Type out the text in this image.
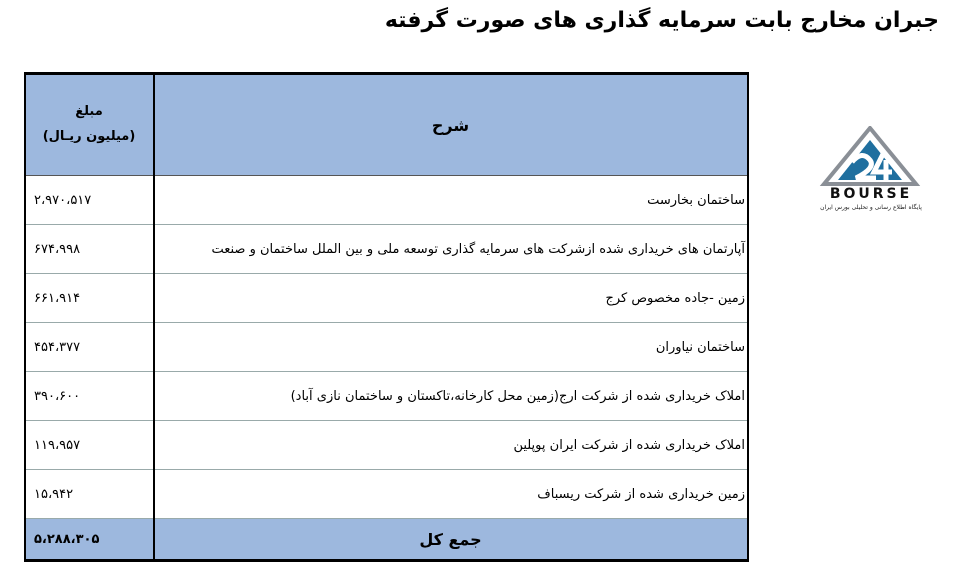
جبران مخارج بابت سرمایه گذاری های صورت گرفته
مبلغ
(میلیون ریـال)	شرح
۲،۹۷۰،۵۱۷	ساختمان بخارست
۶۷۴،۹۹۸	آپارتمان های خریداری شده ازشرکت های سرمایه گذاری توسعه ملی و بین الملل ساختمان و صنعت
۶۶۱،۹۱۴	زمین -جاده مخصوص کرج
۴۵۴،۳۷۷	ساختمان نیاوران
۳۹۰،۶۰۰	املاک خریداری شده از شرکت ارج(زمین محل کارخانه،تاکستان و ساختمان نازی آباد)
۱۱۹،۹۵۷	املاک خریداری شده از شرکت ایران پوپلین
۱۵،۹۴۲	زمین خریداری شده از شرکت ریسباف
۵،۲۸۸،۳۰۵	جمع کل
BOURSE
پایگاه اطلاع رسانی و تحلیلی بورس ایران
